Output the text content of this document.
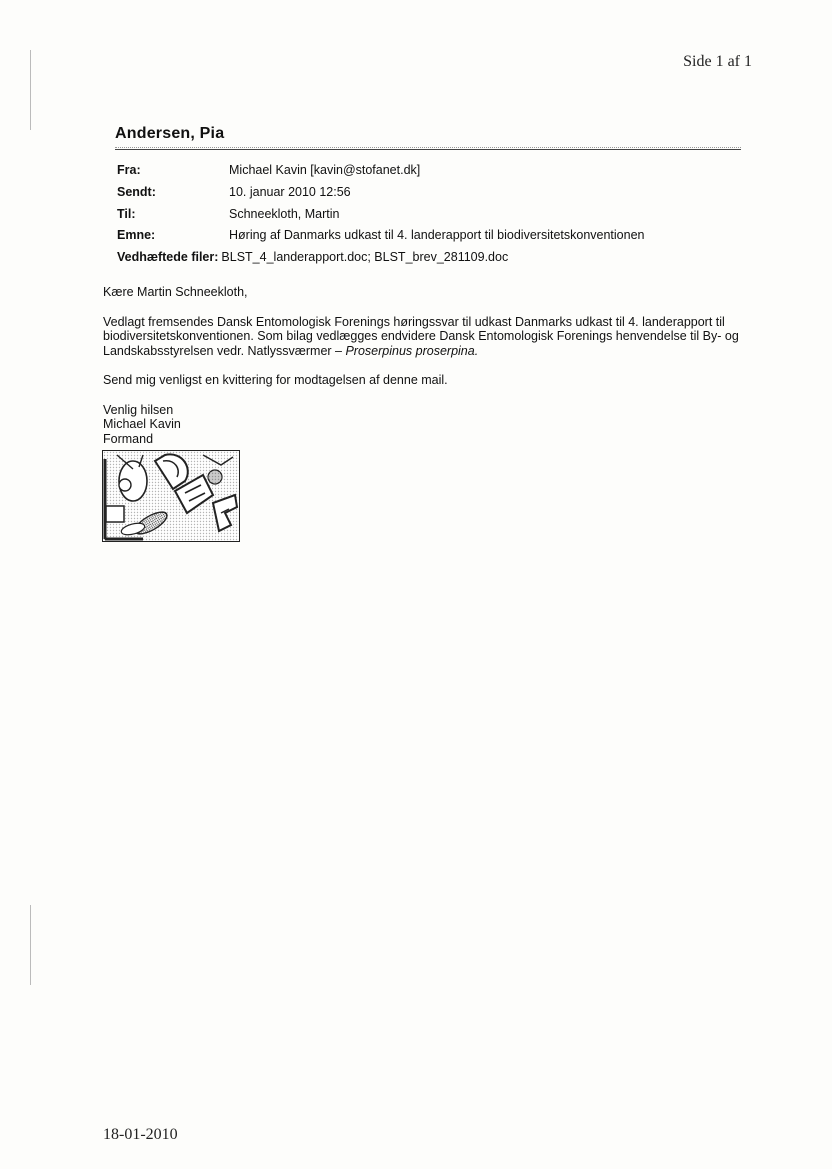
Side 1 af 1
Andersen, Pia
Fra:	Michael Kavin [kavin@stofanet.dk]
Sendt:	10. januar 2010 12:56
Til:	Schneekloth, Martin
Emne:	Høring af Danmarks udkast til 4. landerapport til biodiversitetskonventionen
Vedhæftede filer: BLST_4_landerapport.doc; BLST_brev_281109.doc

Kære Martin Schneekloth,

Vedlagt fremsendes Dansk Entomologisk Forenings høringssvar til udkast Danmarks udkast til 4. landerapport til biodiversitetskonventionen. Som bilag vedlægges endvidere Dansk Entomologisk Forenings henvendelse til By- og Landskabsstyrelsen vedr. Natlyssværmer – Proserpinus proserpina.

Send mig venligst en kvittering for modtagelsen af denne mail.

Venlig hilsen
Michael Kavin
Formand
18-01-2010
